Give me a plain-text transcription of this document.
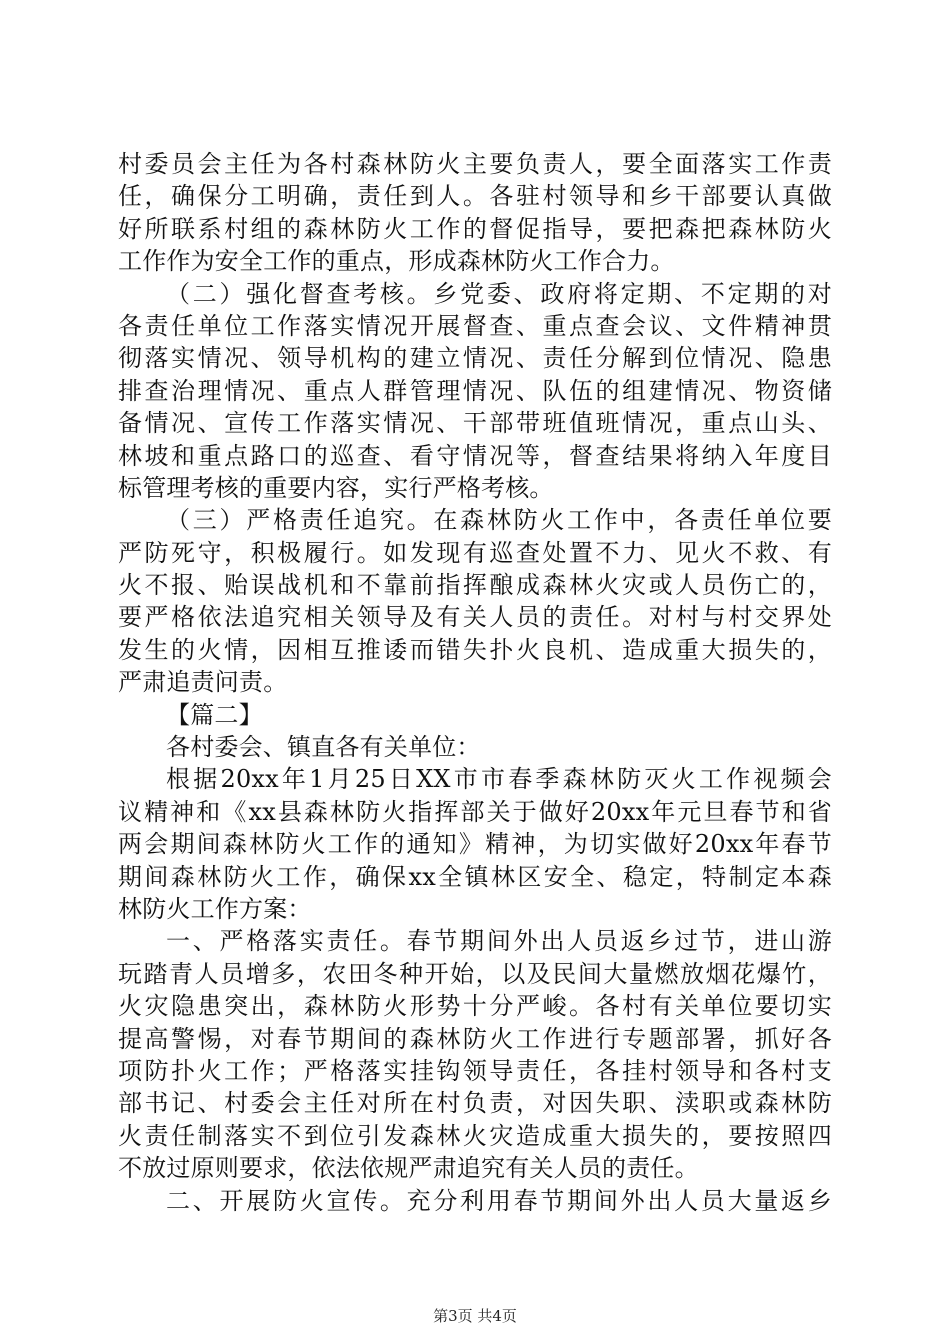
村委员会主任为各村森林防火主要负责人，要全面落实工作责
任，确保分工明确，责任到人。各驻村领导和乡干部要认真做
好所联系村组的森林防火工作的督促指导，要把森把森林防火
工作作为安全工作的重点，形成森林防火工作合力。
（二）强化督查考核。乡党委、政府将定期、不定期的对
各责任单位工作落实情况开展督查、重点查会议、文件精神贯
彻落实情况、领导机构的建立情况、责任分解到位情况、隐患
排查治理情况、重点人群管理情况、队伍的组建情况、物资储
备情况、宣传工作落实情况、干部带班值班情况，重点山头、
林坡和重点路口的巡查、看守情况等，督查结果将纳入年度目
标管理考核的重要内容，实行严格考核。
（三）严格责任追究。在森林防火工作中，各责任单位要
严防死守，积极履行。如发现有巡查处置不力、见火不救、有
火不报、贻误战机和不靠前指挥酿成森林火灾或人员伤亡的，
要严格依法追究相关领导及有关人员的责任。对村与村交界处
发生的火情，因相互推诿而错失扑火良机、造成重大损失的，
严肃追责问责。
【篇二】
各村委会、镇直各有关单位：
根据20xx年1月25日XX市市春季森林防灭火工作视频会
议精神和《xx县森林防火指挥部关于做好20xx年元旦春节和省
两会期间森林防火工作的通知》精神，为切实做好20xx年春节
期间森林防火工作，确保xx全镇林区安全、稳定，特制定本森
林防火工作方案：
一、严格落实责任。春节期间外出人员返乡过节，进山游
玩踏青人员增多，农田冬种开始，以及民间大量燃放烟花爆竹，
火灾隐患突出，森林防火形势十分严峻。各村有关单位要切实
提高警惕，对春节期间的森林防火工作进行专题部署，抓好各
项防扑火工作；严格落实挂钩领导责任，各挂村领导和各村支
部书记、村委会主任对所在村负责，对因失职、渎职或森林防
火责任制落实不到位引发森林火灾造成重大损失的，要按照四
不放过原则要求，依法依规严肃追究有关人员的责任。
二、开展防火宣传。充分利用春节期间外出人员大量返乡
第3页 共4页
